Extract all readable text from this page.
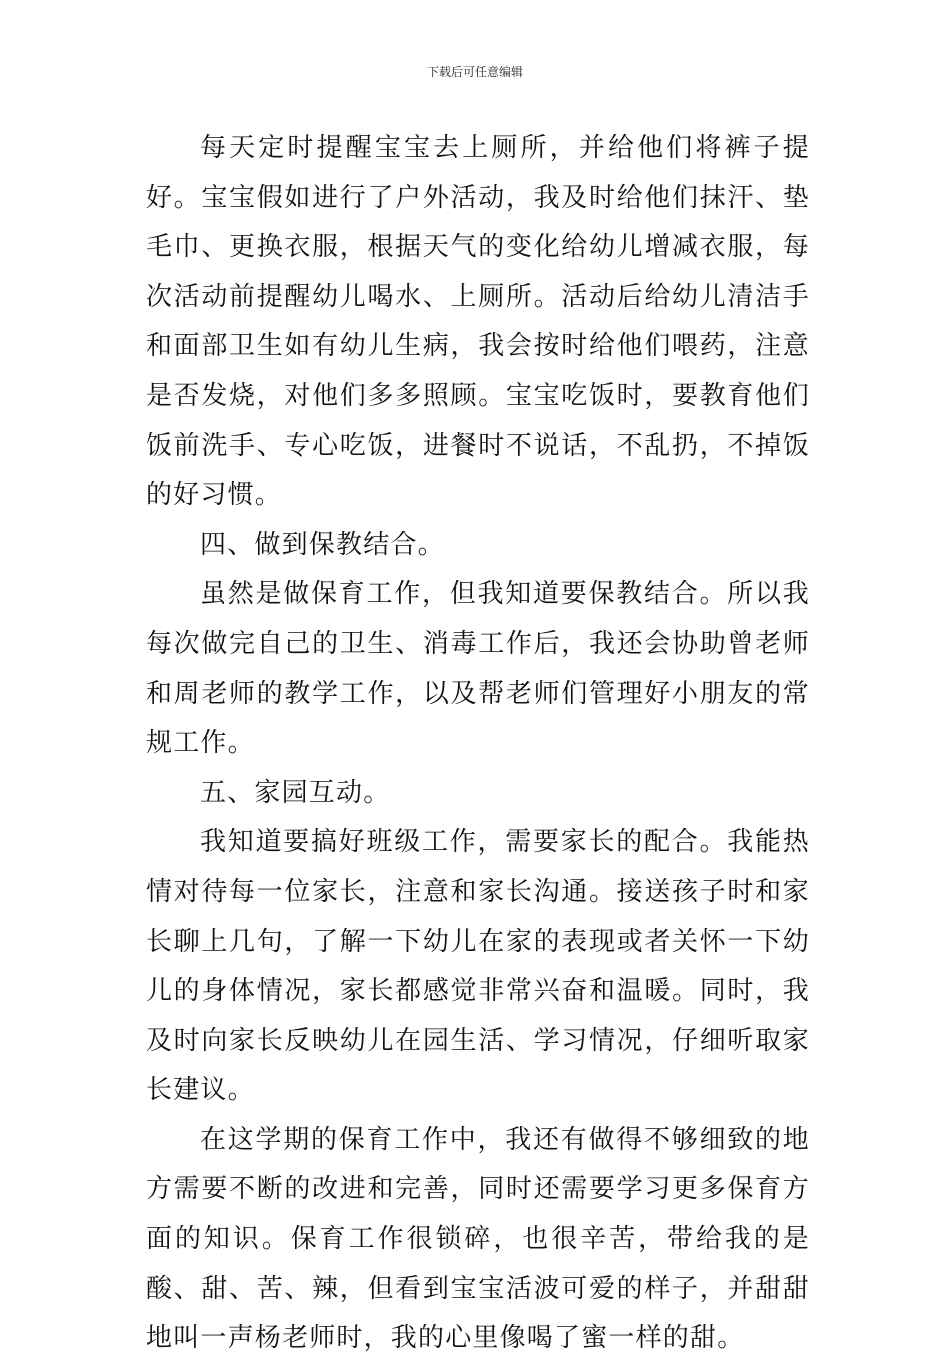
下载后可任意编辑

每天定时提醒宝宝去上厕所，并给他们将裤子提好。宝宝假如进行了户外活动，我及时给他们抹汗、垫毛巾、更换衣服，根据天气的变化给幼儿增减衣服，每次活动前提醒幼儿喝水、上厕所。活动后给幼儿清洁手和面部卫生如有幼儿生病，我会按时给他们喂药，注意是否发烧，对他们多多照顾。宝宝吃饭时，要教育他们饭前洗手、专心吃饭，进餐时不说话，不乱扔，不掉饭的好习惯。

四、做到保教结合。

虽然是做保育工作，但我知道要保教结合。所以我每次做完自己的卫生、消毒工作后，我还会协助曾老师和周老师的教学工作，以及帮老师们管理好小朋友的常规工作。

五、家园互动。

我知道要搞好班级工作，需要家长的配合。我能热情对待每一位家长，注意和家长沟通。接送孩子时和家长聊上几句，了解一下幼儿在家的表现或者关怀一下幼儿的身体情况，家长都感觉非常兴奋和温暖。同时，我及时向家长反映幼儿在园生活、学习情况，仔细听取家长建议。

在这学期的保育工作中，我还有做得不够细致的地方需要不断的改进和完善，同时还需要学习更多保育方面的知识。保育工作很锁碎，也很辛苦，带给我的是酸、甜、苦、辣，但看到宝宝活波可爱的样子，并甜甜地叫一声杨老师时，我的心里像喝了蜜一样的甜。
